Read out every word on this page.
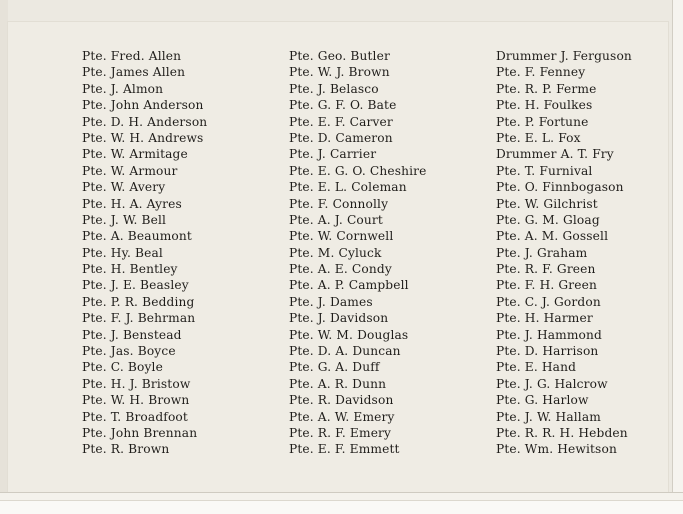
Pte. Fred. Allen
Pte. James Allen
Pte. J. Almon
Pte. John Anderson
Pte. D. H. Anderson
Pte. W. H. Andrews
Pte. W. Armitage
Pte. W. Armour
Pte. W. Avery
Pte. H. A. Ayres
Pte. J. W. Bell
Pte. A. Beaumont
Pte. Hy. Beal
Pte. H. Bentley
Pte. J. E. Beasley
Pte. P. R. Bedding
Pte. F. J. Behrman
Pte. J. Benstead
Pte. Jas. Boyce
Pte. C. Boyle
Pte. H. J. Bristow
Pte. W. H. Brown
Pte. T. Broadfoot
Pte. John Brennan
Pte. R. Brown
Pte. Geo. Butler
Pte. W. J. Brown
Pte. J. Belasco
Pte. G. F. O. Bate
Pte. E. F. Carver
Pte. D. Cameron
Pte. J. Carrier
Pte. E. G. O. Cheshire
Pte. E. L. Coleman
Pte. F. Connolly
Pte. A. J. Court
Pte. W. Cornwell
Pte. M. Cyluck
Pte. A. E. Condy
Pte. A. P. Campbell
Pte. J. Dames
Pte. J. Davidson
Pte. W. M. Douglas
Pte. D. A. Duncan
Pte. G. A. Duff
Pte. A. R. Dunn
Pte. R. Davidson
Pte. A. W. Emery
Pte. R. F. Emery
Pte. E. F. Emmett
Drummer J. Ferguson
Pte. F. Fenney
Pte. R. P. Ferme
Pte. H. Foulkes
Pte. P. Fortune
Pte. E. L. Fox
Drummer A. T. Fry
Pte. T. Furnival
Pte. O. Finnbogason
Pte. W. Gilchrist
Pte. G. M. Gloag
Pte. A. M. Gossell
Pte. J. Graham
Pte. R. F. Green
Pte. F. H. Green
Pte. C. J. Gordon
Pte. H. Harmer
Pte. J. Hammond
Pte. D. Harrison
Pte. E. Hand
Pte. J. G. Halcrow
Pte. G. Harlow
Pte. J. W. Hallam
Pte. R. R. H. Hebden
Pte. Wm. Hewitson
